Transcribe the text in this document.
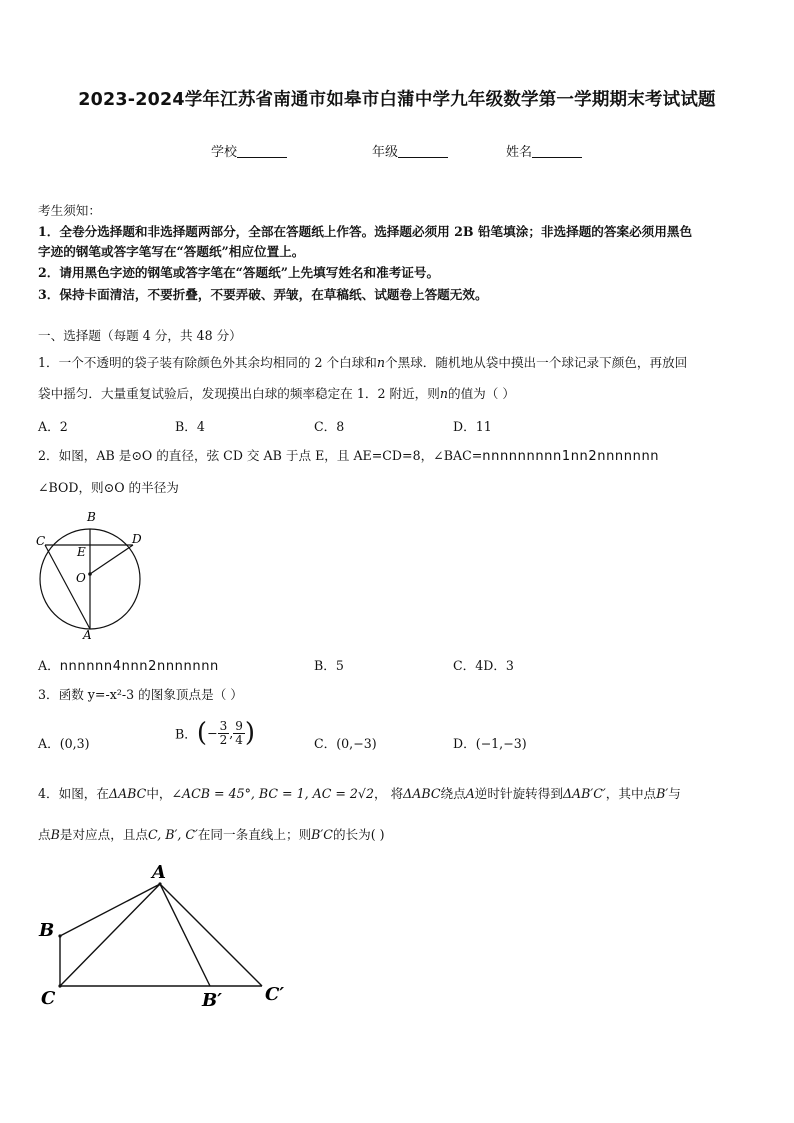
2023-2024学年江苏省南通市如皋市白蒲中学九年级数学第一学期期末考试试题
学校	年级	姓名
考生须知：
1．全卷分选择题和非选择题两部分，全部在答题纸上作答。选择题必须用 2B 铅笔填涂；非选择题的答案必须用黑色
字迹的钢笔或答字笔写在“答题纸”相应位置上。
2．请用黑色字迹的钢笔或答字笔在“答题纸”上先填写姓名和准考证号。
3．保持卡面清洁，不要折叠，不要弄破、弄皱，在草稿纸、试题卷上答题无效。
一、选择题（每题 4 分，共 48 分）
1．一个不透明的袋子装有除颜色外其余均相同的 2 个白球和n个黑球．随机地从袋中摸出一个球记录下颜色，再放回
袋中摇匀．大量重复试验后，发现摸出白球的频率稳定在 1．2 附近，则n的值为（ ）
A．2	B．4	C．8	D．11
2．如图，AB 是⊙O 的直径，弦 CD 交 AB 于点 E，且 AE=CD=8，∠BAC=nnnnnnnnn1nn2nnnnnnn
∠BOD，则⊙O 的半径为
B
C	D
E
O
A
A．nnnnnn4nnn2nnnnnnn	B．5	C．4D．3
3．函数 y=-x²-3 的图象顶点是（ ）
A．(0,3)
B．(− $\frac{3}{2}$ , $\frac{9}{4}$ )	C．(0,−3)	D．(−1,−3)
4．如图，在ΔABC中，∠ACB = 45°, BC = 1, AC = 2√2， 将ΔABC绕点A逆时针旋转得到ΔAB′C′，其中点B′与
点B是对应点，且点C, B′, C′在同一条直线上；则B′C的长为( )
A
B
C	B′ C′
